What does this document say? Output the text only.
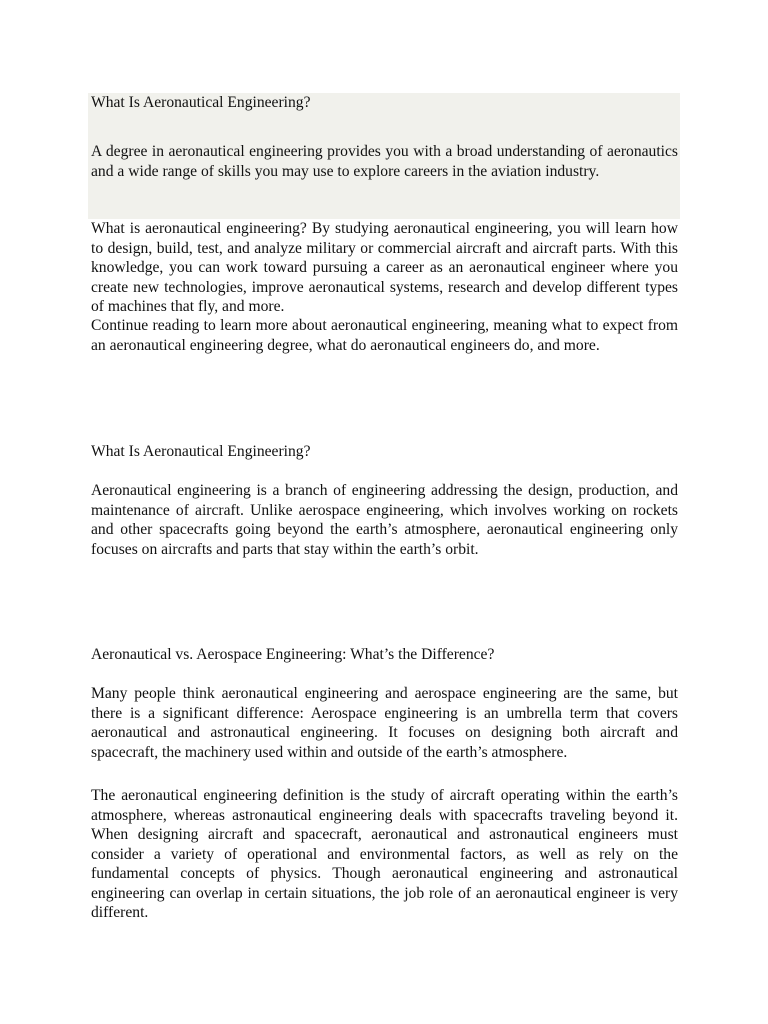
What Is Aeronautical Engineering?

A degree in aeronautical engineering provides you with a broad understanding of aeronautics and a wide range of skills you may use to explore careers in the aviation industry.

What is aeronautical engineering? By studying aeronautical engineering, you will learn how to design, build, test, and analyze military or commercial aircraft and aircraft parts. With this knowledge, you can work toward pursuing a career as an aeronautical engineer where you create new technologies, improve aeronautical systems, research and develop different types of machines that fly, and more.

Continue reading to learn more about aeronautical engineering, meaning what to expect from an aeronautical engineering degree, what do aeronautical engineers do, and more.

What Is Aeronautical Engineering?

Aeronautical engineering is a branch of engineering addressing the design, production, and maintenance of aircraft. Unlike aerospace engineering, which involves working on rockets and other spacecrafts going beyond the earth’s atmosphere, aeronautical engineering only focuses on aircrafts and parts that stay within the earth’s orbit.

Aeronautical vs. Aerospace Engineering: What’s the Difference?

Many people think aeronautical engineering and aerospace engineering are the same, but there is a significant difference: Aerospace engineering is an umbrella term that covers aeronautical and astronautical engineering. It focuses on designing both aircraft and spacecraft, the machinery used within and outside of the earth’s atmosphere.

The aeronautical engineering definition is the study of aircraft operating within the earth’s atmosphere, whereas astronautical engineering deals with spacecrafts traveling beyond it. When designing aircraft and spacecraft, aeronautical and astronautical engineers must consider a variety of operational and environmental factors, as well as rely on the fundamental concepts of physics. Though aeronautical engineering and astronautical engineering can overlap in certain situations, the job role of an aeronautical engineer is very different.
